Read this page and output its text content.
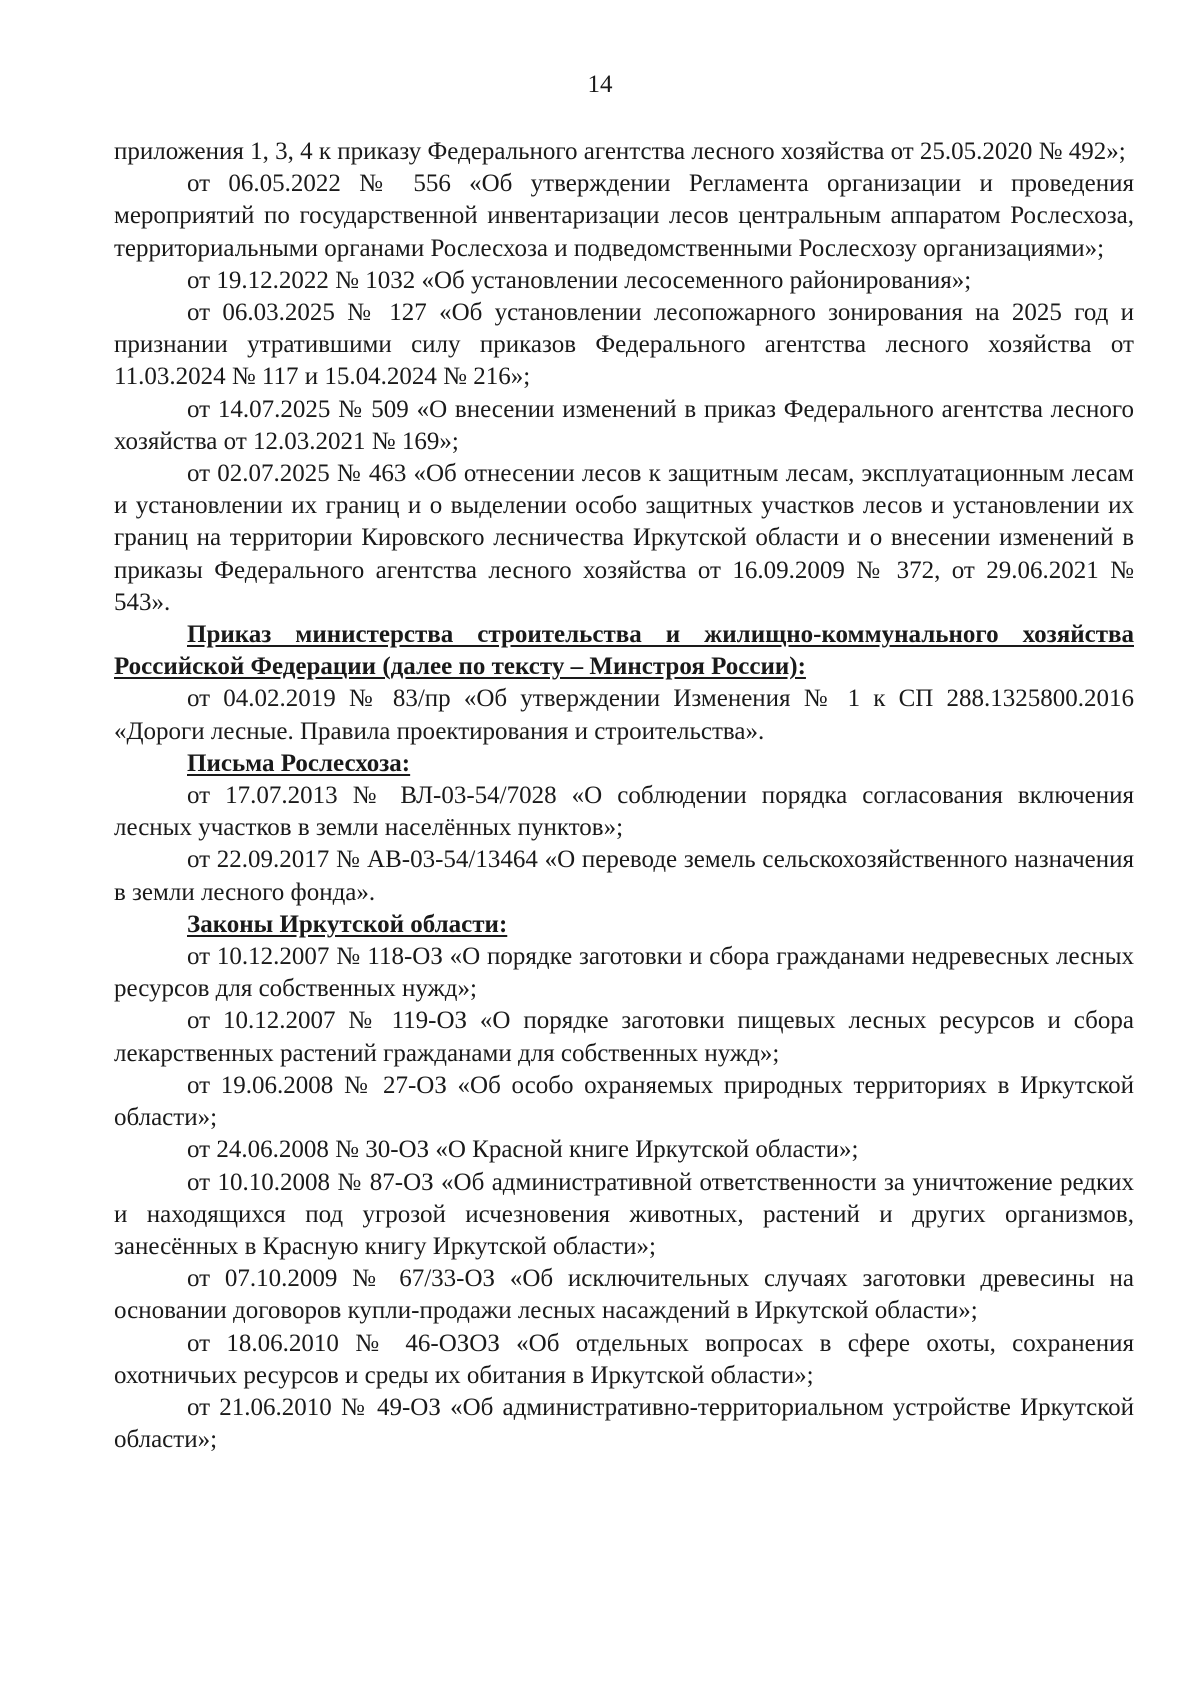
14

приложения 1, 3, 4 к приказу Федерального агентства лесного хозяйства от 25.05.2020 № 492»;

от 06.05.2022 № 556 «Об утверждении Регламента организации и проведения мероприятий по государственной инвентаризации лесов центральным аппаратом Рослесхоза, территориальными органами Рослесхоза и подведомственными Рослесхозу организациями»;

от 19.12.2022 № 1032 «Об установлении лесосеменного районирования»;

от 06.03.2025 № 127 «Об установлении лесопожарного зонирования на 2025 год и признании утратившими силу приказов Федерального агентства лесного хозяйства от 11.03.2024 № 117 и 15.04.2024 № 216»;

от 14.07.2025 № 509 «О внесении изменений в приказ Федерального агентства лесного хозяйства от 12.03.2021 № 169»;

от 02.07.2025 № 463 «Об отнесении лесов к защитным лесам, эксплуатационным лесам и установлении их границ и о выделении особо защитных участков лесов и установлении их границ на территории Кировского лесничества Иркутской области и о внесении изменений в приказы Федерального агентства лесного хозяйства от 16.09.2009 № 372, от 29.06.2021 № 543».

Приказ министерства строительства и жилищно-коммунального хозяйства Российской Федерации (далее по тексту – Минстроя России):

от 04.02.2019 № 83/пр «Об утверждении Изменения № 1 к СП 288.1325800.2016 «Дороги лесные. Правила проектирования и строительства».

Письма Рослесхоза:

от 17.07.2013 № ВЛ-03-54/7028 «О соблюдении порядка согласования включения лесных участков в земли населённых пунктов»;

от 22.09.2017 № АВ-03-54/13464 «О переводе земель сельскохозяйственного назначения в земли лесного фонда».

Законы Иркутской области:

от 10.12.2007 № 118-ОЗ «О порядке заготовки и сбора гражданами недревесных лесных ресурсов для собственных нужд»;

от 10.12.2007 № 119-ОЗ «О порядке заготовки пищевых лесных ресурсов и сбора лекарственных растений гражданами для собственных нужд»;

от 19.06.2008 № 27-ОЗ «Об особо охраняемых природных территориях в Иркутской области»;

от 24.06.2008 № 30-ОЗ «О Красной книге Иркутской области»;

от 10.10.2008 № 87-ОЗ «Об административной ответственности за уничтожение редких и находящихся под угрозой исчезновения животных, растений и других организмов, занесённых в Красную книгу Иркутской области»;

от 07.10.2009 № 67/33-ОЗ «Об исключительных случаях заготовки древесины на основании договоров купли-продажи лесных насаждений в Иркутской области»;

от 18.06.2010 № 46-ОЗОЗ «Об отдельных вопросах в сфере охоты, сохранения охотничьих ресурсов и среды их обитания в Иркутской области»;

от 21.06.2010 № 49-ОЗ «Об административно-территориальном устройстве Иркутской области»;
